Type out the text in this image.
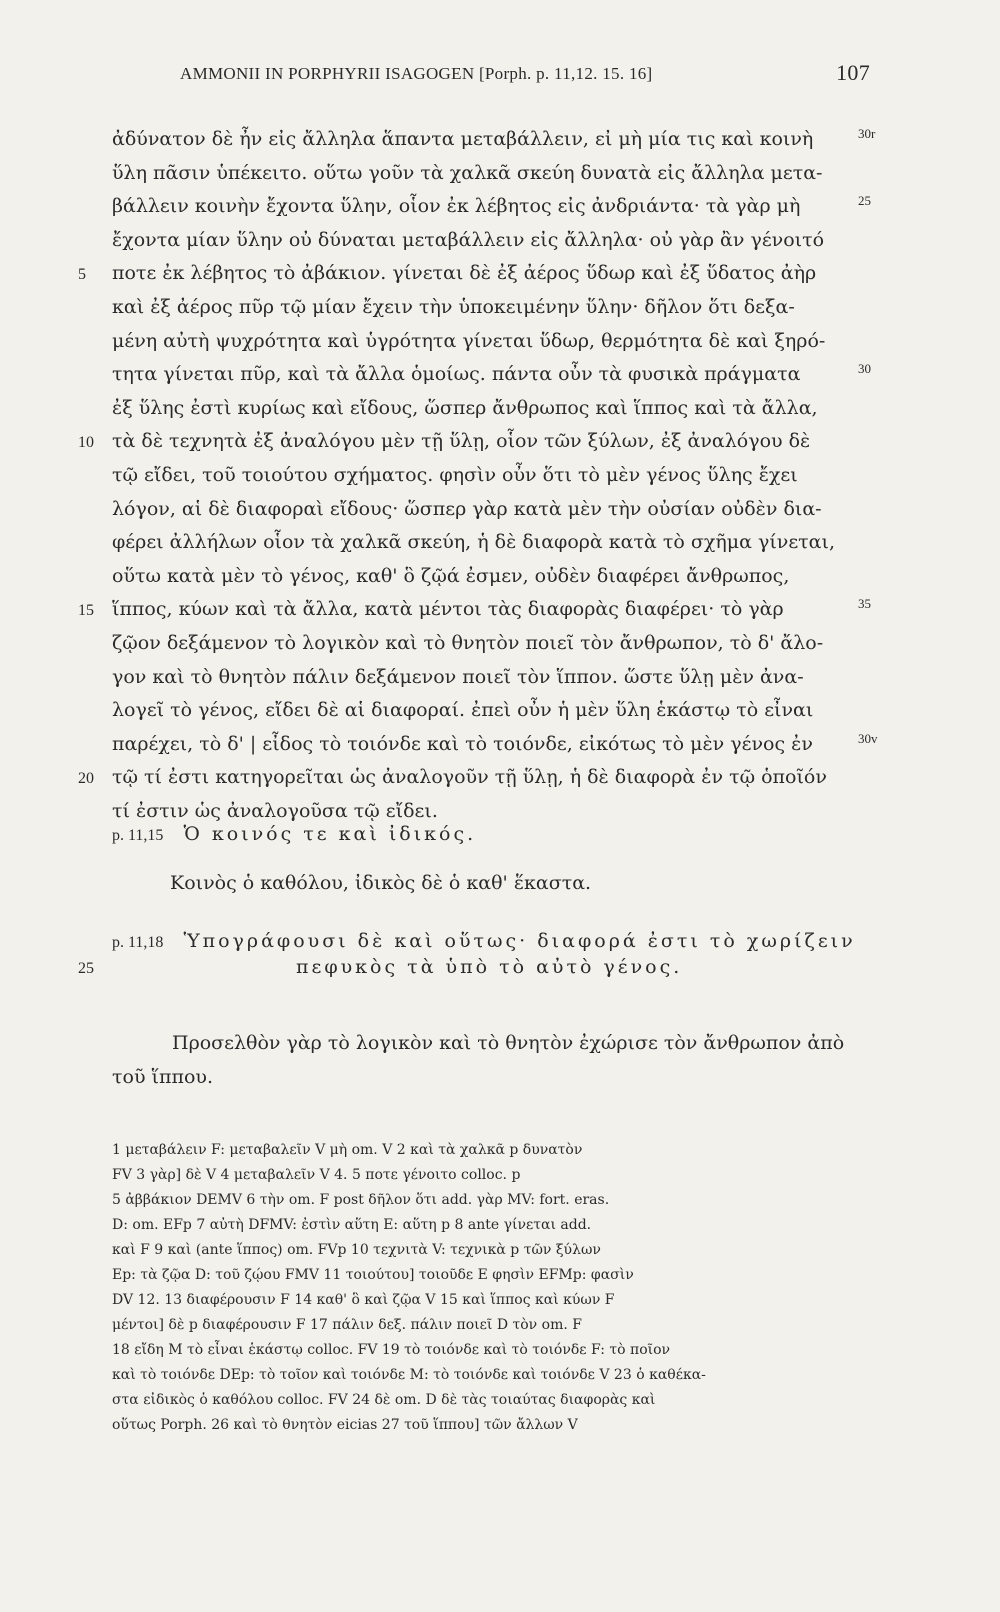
AMMONII IN PORPHYRII ISAGOGEN [Porph. p. 11,12. 15. 16]	107
ἀδύνατον δὲ ἦν εἰς ἄλληλα ἅπαντα μεταβάλλειν, εἰ μὴ μία τις καὶ κοινὴ	30r
ὕλη πᾶσιν ὑπέκειτο. οὕτω γοῦν τὰ χαλκᾶ σκεύη δυνατὰ εἰς ἄλληλα μετα-
βάλλειν κοινὴν ἔχοντα ὕλην, οἷον ἐκ λέβητος εἰς ἀνδριάντα· τὰ γὰρ μὴ	25
ἔχοντα μίαν ὕλην οὐ δύναται μεταβάλλειν εἰς ἄλληλα· οὐ γὰρ ἂν γένοιτό
ποτε ἐκ λέβητος τὸ ἀβάκιον. γίνεται δὲ ἐξ ἀέρος ὕδωρ καὶ ἐξ ὕδατος ἀὴρ
5
καὶ ἐξ ἀέρος πῦρ τῷ μίαν ἔχειν τὴν ὑποκειμένην ὕλην· δῆλον ὅτι δεξα-
μένη αὐτὴ ψυχρότητα καὶ ὑγρότητα γίνεται ὕδωρ, θερμότητα δὲ καὶ ξηρό-
τητα γίνεται πῦρ, καὶ τὰ ἄλλα ὁμοίως. πάντα οὖν τὰ φυσικὰ πράγματα	30
ἐξ ὕλης ἐστὶ κυρίως καὶ εἴδους, ὥσπερ ἄνθρωπος καὶ ἵππος καὶ τὰ ἄλλα,
τὰ δὲ τεχνητὰ ἐξ ἀναλόγου μὲν τῇ ὕλῃ, οἷον τῶν ξύλων, ἐξ ἀναλόγου δὲ
10
τῷ εἴδει, τοῦ τοιούτου σχήματος. φησὶν οὖν ὅτι τὸ μὲν γένος ὕλης ἔχει
λόγον, αἱ δὲ διαφοραὶ εἴδους· ὥσπερ γὰρ κατὰ μὲν τὴν οὐσίαν οὐδὲν δια-
φέρει ἀλλήλων οἷον τὰ χαλκᾶ σκεύη, ἡ δὲ διαφορὰ κατὰ τὸ σχῆμα γίνεται,
οὕτω κατὰ μὲν τὸ γένος, καθ' ὃ ζῷά ἐσμεν, οὐδὲν διαφέρει ἄνθρωπος,
ἵππος, κύων καὶ τὰ ἄλλα, κατὰ μέντοι τὰς διαφορὰς διαφέρει· τὸ γὰρ
15	35
ζῷον δεξάμενον τὸ λογικὸν καὶ τὸ θνητὸν ποιεῖ τὸν ἄνθρωπον, τὸ δ' ἄλο-
γον καὶ τὸ θνητὸν πάλιν δεξάμενον ποιεῖ τὸν ἵππον. ὥστε ὕλῃ μὲν ἀνα-
λογεῖ τὸ γένος, εἴδει δὲ αἱ διαφοραί. ἐπεὶ οὖν ἡ μὲν ὕλη ἑκάστῳ τὸ εἶναι
παρέχει, τὸ δ' | εἶδος τὸ τοιόνδε καὶ τὸ τοιόνδε, εἰκότως τὸ μὲν γένος ἐν	30v
τῷ τί ἐστι κατηγορεῖται ὡς ἀναλογοῦν τῇ ὕλῃ, ἡ δὲ διαφορὰ ἐν τῷ ὁποῖόν
20
τί ἐστιν ὡς ἀναλογοῦσα τῷ εἴδει.
p. 11,15 Ὁ κοινός τε καὶ ἰδικός.
Κοινὸς ὁ καθόλου, ἰδικὸς δὲ ὁ καθ' ἕκαστα.
p. 11,18 Ὑπογράφουσι δὲ καὶ οὕτως· διαφορά ἐστι τὸ χωρίζειν
25	πεφυκὸς τὰ ὑπὸ τὸ αὐτὸ γένος.
Προσελθὸν γὰρ τὸ λογικὸν καὶ τὸ θνητὸν ἐχώρισε τὸν ἄνθρωπον ἀπὸ
τοῦ ἵππου.
1 μεταβάλειν F: μεταβαλεῖν V μὴ om. V 2 καὶ τὰ χαλκᾶ p δυνατὸν
FV 3 γὰρ] δὲ V 4 μεταβαλεῖν V 4. 5 ποτε γένοιτο colloc. p
5 ἀββάκιον DEMV 6 τὴν om. F post δῆλον ὅτι add. γὰρ MV: fort. eras.
D: om. EFp 7 αὐτὴ DFMV: ἐστὶν αὕτη E: αὕτη p 8 ante γίνεται add.
καὶ F 9 καὶ (ante ἵππος) om. FVp 10 τεχνιτὰ V: τεχνικὰ p τῶν ξύλων
Ep: τὰ ζῷα D: τοῦ ζῴου FMV 11 τοιούτου] τοιοῦδε E φησὶν EFMp: φασὶν
DV 12. 13 διαφέρουσιν F 14 καθ' ὃ καὶ ζῷα V 15 καὶ ἵππος καὶ κύων F
μέντοι] δὲ p διαφέρουσιν F 17 πάλιν δεξ. πάλιν ποιεῖ D τὸν om. F
18 εἴδη M τὸ εἶναι ἑκάστῳ colloc. FV 19 τὸ τοιόνδε καὶ τὸ τοιόνδε F: τὸ ποῖον
καὶ τὸ τοιόνδε DEp: τὸ τοῖον καὶ τοιόνδε M: τὸ τοιόνδε καὶ τοιόνδε V 23 ὁ καθέκα-
στα εἰδικὸς ὁ καθόλου colloc. FV 24 δὲ om. D δὲ τὰς τοιαύτας διαφορὰς καὶ
οὕτως Porph. 26 καὶ τὸ θνητὸν eicias 27 τοῦ ἵππου] τῶν ἄλλων V
